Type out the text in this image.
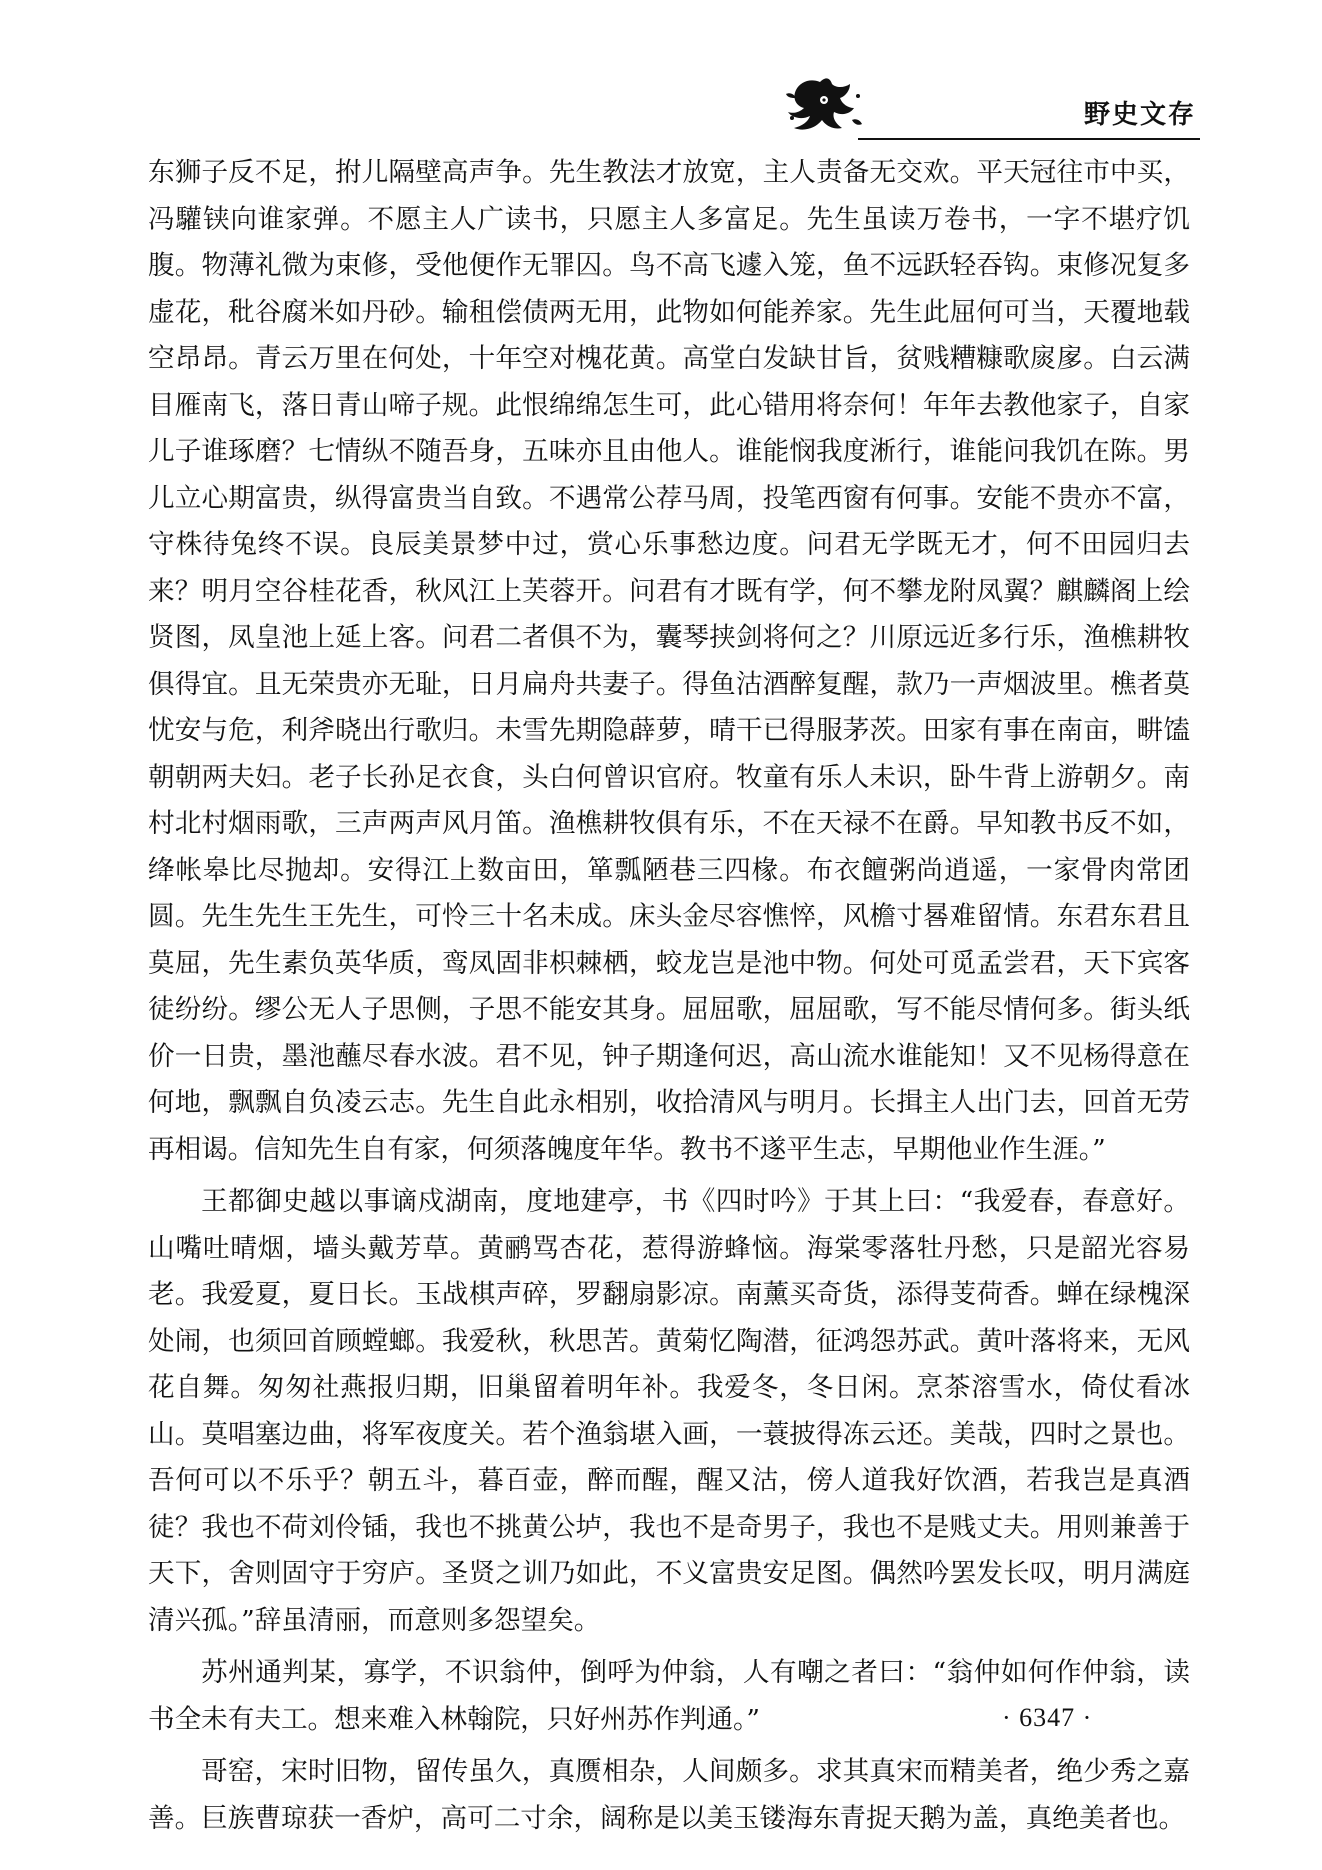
野史文存

东狮子反不足，拊儿隔壁高声争。先生教法才放宽，主人责备无交欢。平天冠往市中买，冯驩铗向谁家弹。不愿主人广读书，只愿主人多富足。先生虽读万卷书，一字不堪疗饥腹。物薄礼微为束修，受他便作无罪囚。鸟不高飞遽入笼，鱼不远跃轻吞钩。束修况复多虚花，秕谷腐米如丹砂。输租偿债两无用，此物如何能养家。先生此屈何可当，天覆地载空昂昂。青云万里在何处，十年空对槐花黄。高堂白发缺甘旨，贫贱糟糠歌扊扅。白云满目雁南飞，落日青山啼子规。此恨绵绵怎生可，此心错用将奈何！年年去教他家子，自家儿子谁琢磨？七情纵不随吾身，五味亦且由他人。谁能悯我度淅行，谁能问我饥在陈。男儿立心期富贵，纵得富贵当自致。不遇常公荐马周，投笔西窗有何事。安能不贵亦不富，守株待兔终不误。良辰美景梦中过，赏心乐事愁边度。问君无学既无才，何不田园归去来？明月空谷桂花香，秋风江上芙蓉开。问君有才既有学，何不攀龙附凤翼？麒麟阁上绘贤图，凤皇池上延上客。问君二者俱不为，囊琴挟剑将何之？川原远近多行乐，渔樵耕牧俱得宜。且无荣贵亦无耻，日月扁舟共妻子。得鱼沽酒醉复醒，款乃一声烟波里。樵者莫忧安与危，利斧晓出行歌归。未雪先期隐薜萝，晴干已得服茅茨。田家有事在南亩，畊馌朝朝两夫妇。老子长孙足衣食，头白何曾识官府。牧童有乐人未识，卧牛背上游朝夕。南村北村烟雨歌，三声两声风月笛。渔樵耕牧俱有乐，不在天禄不在爵。早知教书反不如，绛帐皋比尽抛却。安得江上数亩田，箪瓢陋巷三四椽。布衣饘粥尚逍遥，一家骨肉常团圆。先生先生王先生，可怜三十名未成。床头金尽容憔悴，风檐寸晷难留情。东君东君且莫屈，先生素负英华质，鸾凤固非枳棘栖，蛟龙岂是池中物。何处可觅孟尝君，天下宾客徒纷纷。缪公无人子思侧，子思不能安其身。屈屈歌，屈屈歌，写不能尽情何多。街头纸价一日贵，墨池蘸尽春水波。君不见，钟子期逢何迟，高山流水谁能知！又不见杨得意在何地，飘飘自负凌云志。先生自此永相别，收拾清风与明月。长揖主人出门去，回首无劳再相谒。信知先生自有家，何须落魄度年华。教书不遂平生志，早期他业作生涯。”

王都御史越以事谪戍湖南，度地建亭，书《四时吟》于其上曰：“我爱春，春意好。山嘴吐晴烟，墙头戴芳草。黄鹂骂杏花，惹得游蜂恼。海棠零落牡丹愁，只是韶光容易老。我爱夏，夏日长。玉战棋声碎，罗翻扇影凉。南薰买奇货，添得芰荷香。蝉在绿槐深处闹，也须回首顾螳螂。我爱秋，秋思苦。黄菊忆陶潜，征鸿怨苏武。黄叶落将来，无风花自舞。匆匆社燕报归期，旧巢留着明年补。我爱冬，冬日闲。烹茶溶雪水，倚仗看冰山。莫唱塞边曲，将军夜度关。若个渔翁堪入画，一蓑披得冻云还。美哉，四时之景也。吾何可以不乐乎？朝五斗，暮百壶，醉而醒，醒又沽，傍人道我好饮酒，若我岂是真酒徒？我也不荷刘伶锸，我也不挑黄公垆，我也不是奇男子，我也不是贱丈夫。用则兼善于天下，舍则固守于穷庐。圣贤之训乃如此，不义富贵安足图。偶然吟罢发长叹，明月满庭清兴孤。”辞虽清丽，而意则多怨望矣。

苏州通判某，寡学，不识翁仲，倒呼为仲翁，人有嘲之者曰：“翁仲如何作仲翁，读书全未有夫工。想来难入林翰院，只好州苏作判通。”

哥窑，宋时旧物，留传虽久，真赝相杂，人间颇多。求其真宋而精美者，绝少秀之嘉善。巨族曹琼获一香炉，高可二寸余，阔称是以美玉镂海东青捉天鹅为盖，真绝美者也。

· 6347 ·
